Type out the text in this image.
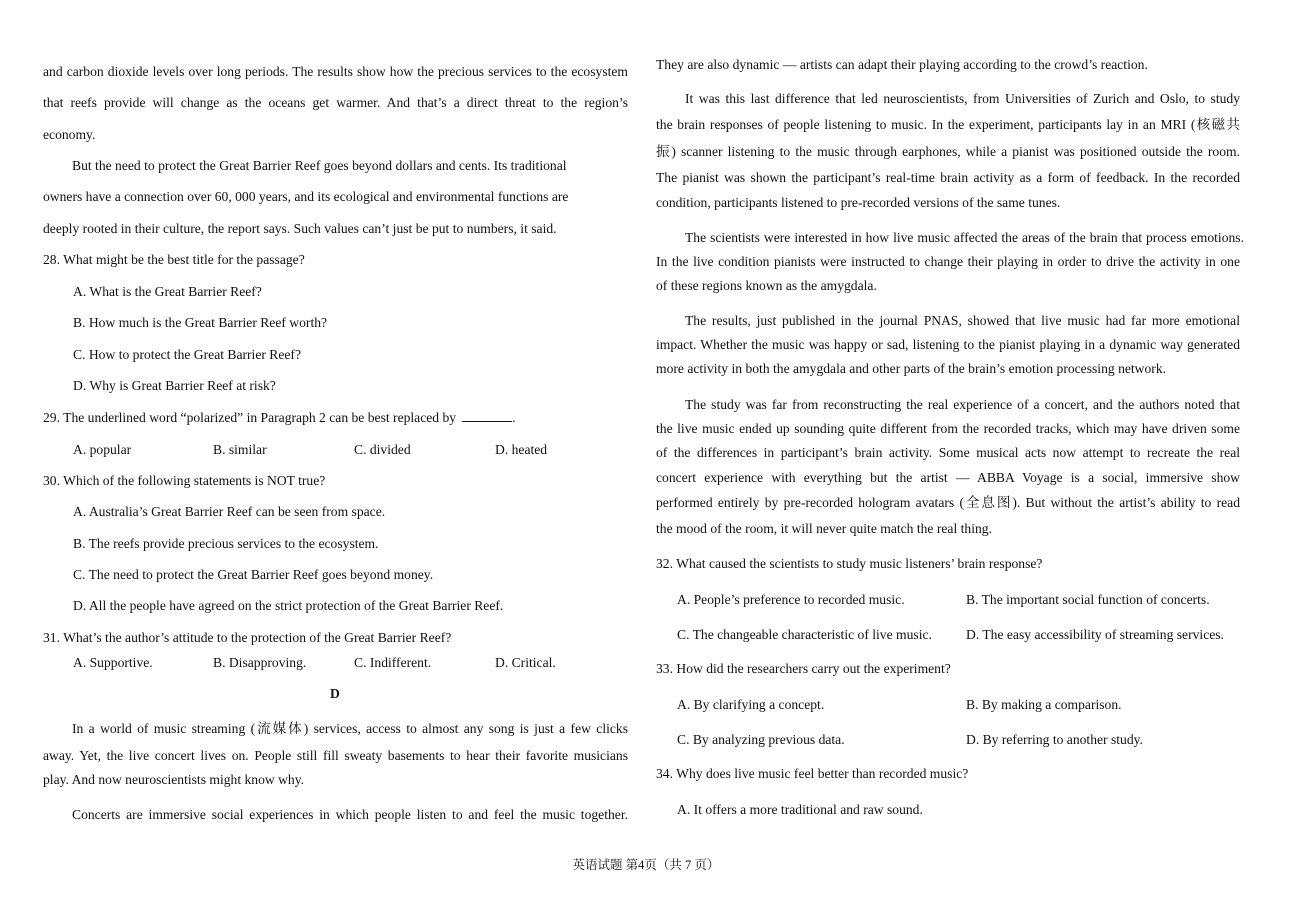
and carbon dioxide levels over long periods. The results show how the precious services to the ecosystem
that reefs provide will change as the oceans get warmer. And that’s a direct threat to the region’s
economy.
But the need to protect the Great Barrier Reef goes beyond dollars and cents. Its traditional
owners have a connection over 60, 000 years, and its ecological and environmental functions are
deeply rooted in their culture, the report says. Such values can’t just be put to numbers, it said.
28. What might be the best title for the passage?
A. What is the Great Barrier Reef?
B. How much is the Great Barrier Reef worth?
C. How to protect the Great Barrier Reef?
D. Why is Great Barrier Reef at risk?
29. The underlined word “polarized” in Paragraph 2 can be best replaced by	.
A. popular	B. similar	C. divided	D. heated
30. Which of the following statements is NOT true?
A. Australia’s Great Barrier Reef can be seen from space.
B. The reefs provide precious services to the ecosystem.
C. The need to protect the Great Barrier Reef goes beyond money.
D. All the people have agreed on the strict protection of the Great Barrier Reef.
31. What’s the author’s attitude to the protection of the Great Barrier Reef?
A. Supportive.	B. Disapproving.	C. Indifferent.	D. Critical.
D
In a world of music streaming (流媒体) services, access to almost any song is just a few clicks
away. Yet, the live concert lives on. People still fill sweaty basements to hear their favorite musicians
play. And now neuroscientists might know why.
Concerts are immersive social experiences in which people listen to and feel the music together.
They are also dynamic — artists can adapt their playing according to the crowd’s reaction.
It was this last difference that led neuroscientists, from Universities of Zurich and Oslo, to study
the brain responses of people listening to music. In the experiment, participants lay in an MRI (核磁共
振) scanner listening to the music through earphones, while a pianist was positioned outside the room.
The pianist was shown the participant’s real-time brain activity as a form of feedback. In the recorded
condition, participants listened to pre-recorded versions of the same tunes.
The scientists were interested in how live music affected the areas of the brain that process emotions.
In the live condition pianists were instructed to change their playing in order to drive the activity in one
of these regions known as the amygdala.
The results, just published in the journal PNAS, showed that live music had far more emotional
impact. Whether the music was happy or sad, listening to the pianist playing in a dynamic way generated
more activity in both the amygdala and other parts of the brain’s emotion processing network.
The study was far from reconstructing the real experience of a concert, and the authors noted that
the live music ended up sounding quite different from the recorded tracks, which may have driven some
of the differences in participant’s brain activity. Some musical acts now attempt to recreate the real
concert experience with everything but the artist — ABBA Voyage is a social, immersive show
performed entirely by pre-recorded hologram avatars (全息图). But without the artist’s ability to read
the mood of the room, it will never quite match the real thing.
32. What caused the scientists to study music listeners’ brain response?
A. People’s preference to recorded music.	B. The important social function of concerts.
C. The changeable characteristic of live music.	D. The easy accessibility of streaming services.
33. How did the researchers carry out the experiment?
A. By clarifying a concept.	B. By making a comparison.
C. By analyzing previous data.	D. By referring to another study.
34. Why does live music feel better than recorded music?
A. It offers a more traditional and raw sound.
英语试题 第4页（共 7 页）
